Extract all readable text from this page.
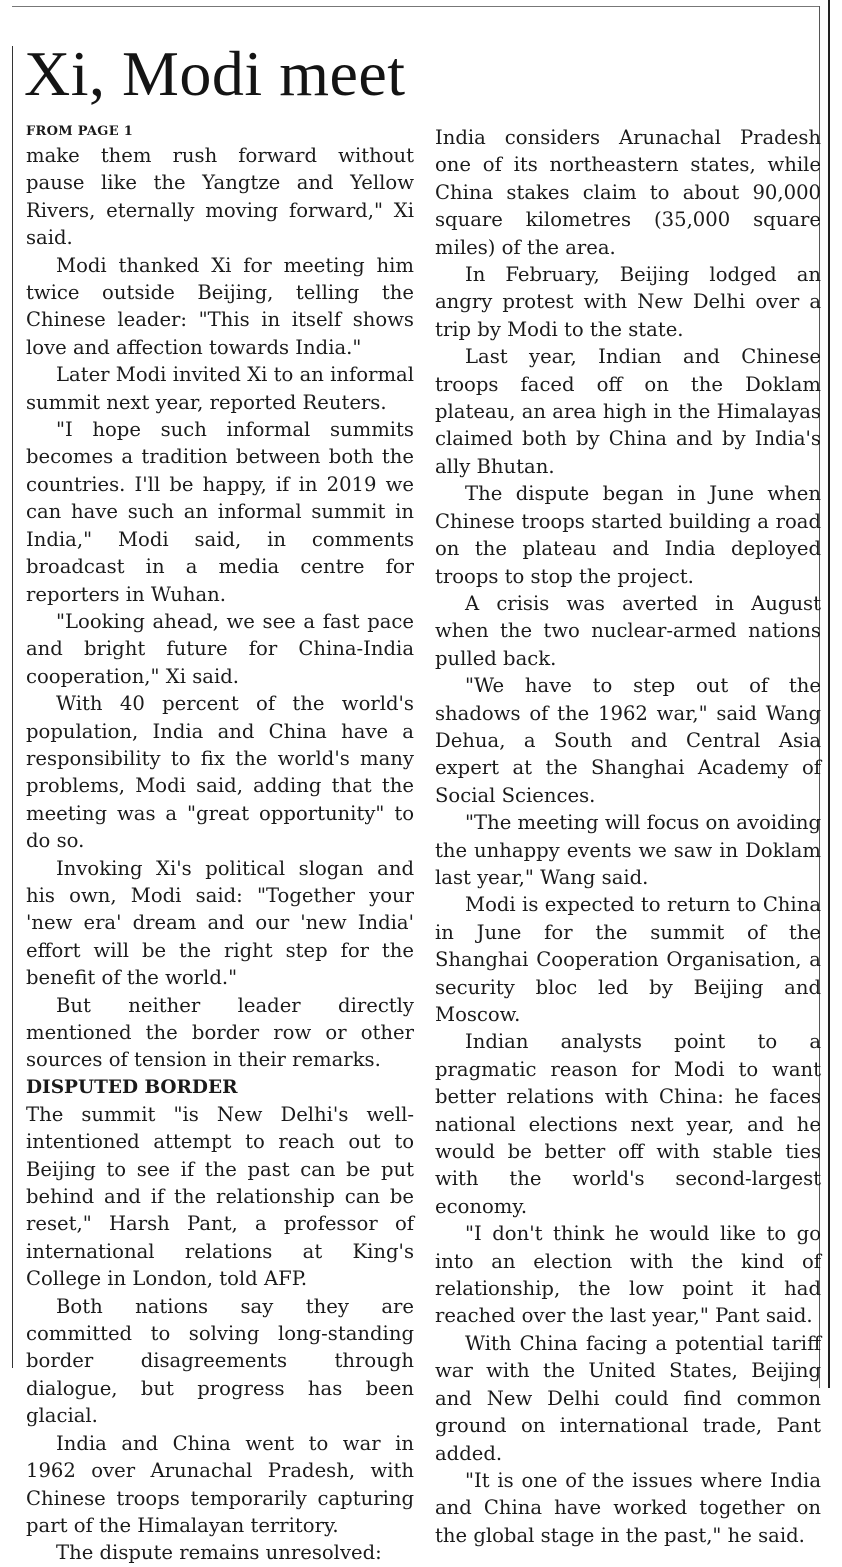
Xi, Modi meet
FROM PAGE 1

make them rush forward without pause like the Yangtze and Yellow Rivers, eternally moving forward," Xi said.

Modi thanked Xi for meeting him twice outside Beijing, telling the Chinese leader: "This in itself shows love and affection towards India."

Later Modi invited Xi to an informal summit next year, reported Reuters.

"I hope such informal summits becomes a tradition between both the countries. I'll be happy, if in 2019 we can have such an informal summit in India," Modi said, in comments broadcast in a media centre for reporters in Wuhan.

"Looking ahead, we see a fast pace and bright future for China-India cooperation," Xi said.

With 40 percent of the world's population, India and China have a responsibility to fix the world's many problems, Modi said, adding that the meeting was a "great opportunity" to do so.

Invoking Xi's political slogan and his own, Modi said: "Together your 'new era' dream and our 'new India' effort will be the right step for the benefit of the world."

But neither leader directly mentioned the border row or other sources of tension in their remarks.

DISPUTED BORDER

The summit "is New Delhi's well-intentioned attempt to reach out to Beijing to see if the past can be put behind and if the relationship can be reset," Harsh Pant, a professor of international relations at King's College in London, told AFP.

Both nations say they are committed to solving long-standing border disagreements through dialogue, but progress has been glacial.

India and China went to war in 1962 over Arunachal Pradesh, with Chinese troops temporarily capturing part of the Himalayan territory.

The dispute remains unresolved:

India considers Arunachal Pradesh one of its northeastern states, while China stakes claim to about 90,000 square kilometres (35,000 square miles) of the area.

In February, Beijing lodged an angry protest with New Delhi over a trip by Modi to the state.

Last year, Indian and Chinese troops faced off on the Doklam plateau, an area high in the Himalayas claimed both by China and by India's ally Bhutan.

The dispute began in June when Chinese troops started building a road on the plateau and India deployed troops to stop the project.

A crisis was averted in August when the two nuclear-armed nations pulled back.

"We have to step out of the shadows of the 1962 war," said Wang Dehua, a South and Central Asia expert at the Shanghai Academy of Social Sciences.

"The meeting will focus on avoiding the unhappy events we saw in Doklam last year," Wang said.

Modi is expected to return to China in June for the summit of the Shanghai Cooperation Organisation, a security bloc led by Beijing and Moscow.

Indian analysts point to a pragmatic reason for Modi to want better relations with China: he faces national elections next year, and he would be better off with stable ties with the world's second-largest economy.

"I don't think he would like to go into an election with the kind of relationship, the low point it had reached over the last year," Pant said.

With China facing a potential tariff war with the United States, Beijing and New Delhi could find common ground on international trade, Pant added.

"It is one of the issues where India and China have worked together on the global stage in the past," he said.
